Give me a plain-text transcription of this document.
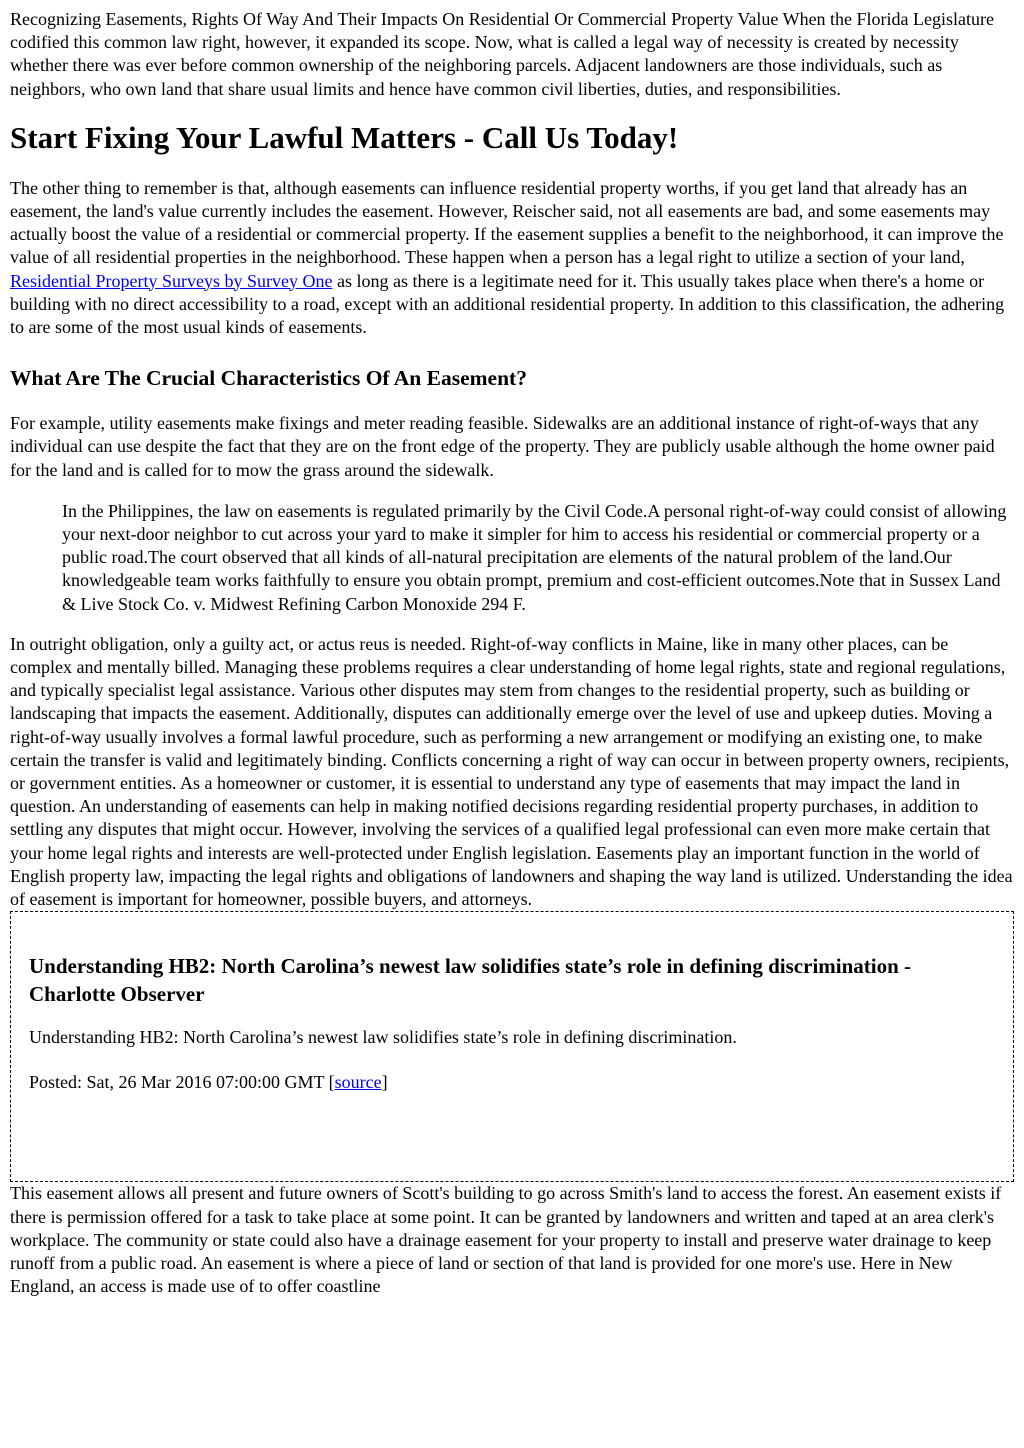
Recognizing Easements, Rights Of Way And Their Impacts On Residential Or Commercial Property Value When the Florida Legislature codified this common law right, however, it expanded its scope. Now, what is called a legal way of necessity is created by necessity whether there was ever before common ownership of the neighboring parcels. Adjacent landowners are those individuals, such as neighbors, who own land that share usual limits and hence have common civil liberties, duties, and responsibilities.

Start Fixing Your Lawful Matters - Call Us Today!

The other thing to remember is that, although easements can influence residential property worths, if you get land that already has an easement, the land's value currently includes the easement. However, Reischer said, not all easements are bad, and some easements may actually boost the value of a residential or commercial property. If the easement supplies a benefit to the neighborhood, it can improve the value of all residential properties in the neighborhood. These happen when a person has a legal right to utilize a section of your land, Residential Property Surveys by Survey One as long as there is a legitimate need for it. This usually takes place when there's a home or building with no direct accessibility to a road, except with an additional residential property. In addition to this classification, the adhering to are some of the most usual kinds of easements.

What Are The Crucial Characteristics Of An Easement?

For example, utility easements make fixings and meter reading feasible. Sidewalks are an additional instance of right-of-ways that any individual can use despite the fact that they are on the front edge of the property. They are publicly usable although the home owner paid for the land and is called for to mow the grass around the sidewalk.

In the Philippines, the law on easements is regulated primarily by the Civil Code.A personal right-of-way could consist of allowing your next-door neighbor to cut across your yard to make it simpler for him to access his residential or commercial property or a public road.The court observed that all kinds of all-natural precipitation are elements of the natural problem of the land.Our knowledgeable team works faithfully to ensure you obtain prompt, premium and cost-efficient outcomes.Note that in Sussex Land & Live Stock Co. v. Midwest Refining Carbon Monoxide 294 F.

In outright obligation, only a guilty act, or actus reus is needed. Right-of-way conflicts in Maine, like in many other places, can be complex and mentally billed. Managing these problems requires a clear understanding of home legal rights, state and regional regulations, and typically specialist legal assistance. Various other disputes may stem from changes to the residential property, such as building or landscaping that impacts the easement. Additionally, disputes can additionally emerge over the level of use and upkeep duties. Moving a right-of-way usually involves a formal lawful procedure, such as performing a new arrangement or modifying an existing one, to make certain the transfer is valid and legitimately binding. Conflicts concerning a right of way can occur in between property owners, recipients, or government entities. As a homeowner or customer, it is essential to understand any type of easements that may impact the land in question. An understanding of easements can help in making notified decisions regarding residential property purchases, in addition to settling any disputes that might occur. However, involving the services of a qualified legal professional can even more make certain that your home legal rights and interests are well-protected under English legislation. Easements play an important function in the world of English property law, impacting the legal rights and obligations of landowners and shaping the way land is utilized. Understanding the idea of easement is important for homeowner, possible buyers, and attorneys.

Understanding HB2: North Carolina’s newest law solidifies state’s role in defining discrimination - Charlotte Observer

Understanding HB2: North Carolina’s newest law solidifies state’s role in defining discrimination.

Posted: Sat, 26 Mar 2016 07:00:00 GMT [source]

This easement allows all present and future owners of Scott's building to go across Smith's land to access the forest. An easement exists if there is permission offered for a task to take place at some point. It can be granted by landowners and written and taped at an area clerk's workplace. The community or state could also have a drainage easement for your property to install and preserve water drainage to keep runoff from a public road. An easement is where a piece of land or section of that land is provided for one more's use. Here in New England, an access is made use of to offer coastline
